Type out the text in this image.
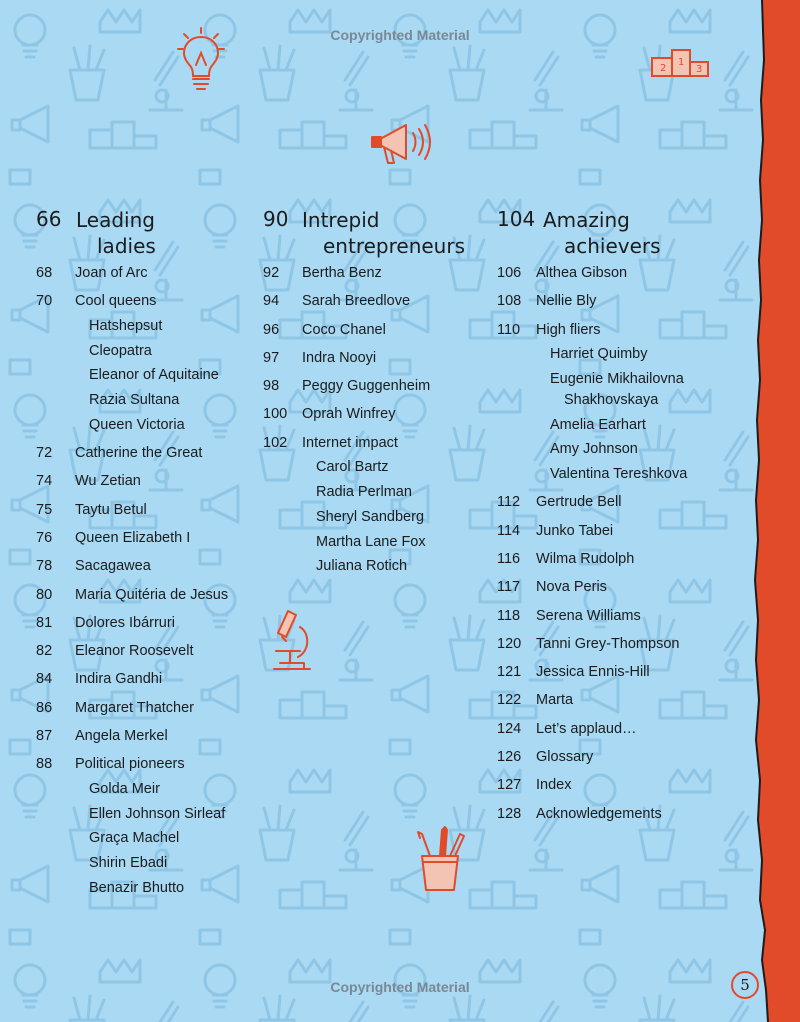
Copyrighted Material
Copyrighted Material
2
1
3
66 Leading
ladies
68	Joan of Arc
70	Cool queens
Hatshepsut
Cleopatra
Eleanor of Aquitaine
Razia Sultana
Queen Victoria
72	Catherine the Great
74	Wu Zetian
75	Taytu Betul
76	Queen Elizabeth I
78	Sacagawea
80	Maria Quitéria de Jesus
81	Dolores Ibárruri
82	Eleanor Roosevelt
84	Indira Gandhi
86	Margaret Thatcher
87	Angela Merkel
88	Political pioneers
Golda Meir
Ellen Johnson Sirleaf
Graça Machel
Shirin Ebadi
Benazir Bhutto
90 Intrepid
entrepreneurs
92	Bertha Benz
94	Sarah Breedlove
96	Coco Chanel
97	Indra Nooyi
98	Peggy Guggenheim
100	Oprah Winfrey
102	Internet impact
Carol Bartz
Radia Perlman
Sheryl Sandberg
Martha Lane Fox
Juliana Rotich
104 Amazing
achievers
106	Althea Gibson
108	Nellie Bly
110	High fliers
Harriet Quimby
Eugenie Mikhailovna
Shakhovskaya
Amelia Earhart
Amy Johnson
Valentina Tereshkova
112	Gertrude Bell
114	Junko Tabei
116	Wilma Rudolph
117	Nova Peris
118	Serena Williams
120	Tanni Grey-Thompson
121	Jessica Ennis-Hill
122	Marta
124	Let’s applaud…
126	Glossary
127	Index
128	Acknowledgements
5
